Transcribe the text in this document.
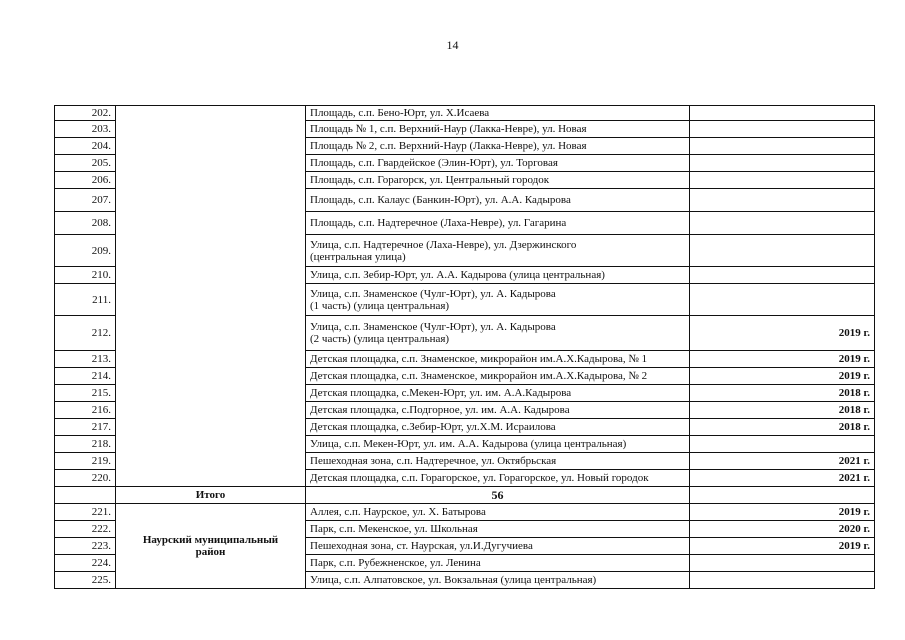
14
202.		Площадь, с.п. Бено-Юрт, ул. Х.Исаева	
203.		Площадь № 1, с.п. Верхний-Наур (Лакка-Невре), ул. Новая	
204.		Площадь № 2, с.п. Верхний-Наур (Лакка-Невре), ул. Новая	
205.		Площадь, с.п. Гвардейское (Элин-Юрт), ул. Торговая	
206.		Площадь, с.п. Горагорск, ул. Центральный городок	
207.		Площадь, с.п. Калаус (Банкин-Юрт), ул. А.А. Кадырова	
208.		Площадь, с.п. Надтеречное (Лаха-Невре), ул. Гагарина	
209.		Улица, с.п. Надтеречное (Лаха-Невре), ул. Дзержинского
(центральная улица)	
210.		Улица, с.п. Зебир-Юрт, ул. А.А. Кадырова (улица центральная)	
211.		Улица, с.п. Знаменское (Чулг-Юрт), ул. А. Кадырова
(1 часть) (улица центральная)	
212.		Улица, с.п. Знаменское (Чулг-Юрт), ул. А. Кадырова
(2 часть) (улица центральная)	2019 г.
213.		Детская площадка, с.п. Знаменское, микрорайон им.А.Х.Кадырова, № 1	2019 г.
214.		Детская площадка, с.п. Знаменское, микрорайон им.А.Х.Кадырова, № 2	2019 г.
215.		Детская площадка, с.Мекен-Юрт, ул. им. А.А.Кадырова	2018 г.
216.		Детская площадка, с.Подгорное, ул. им. А.А. Кадырова	2018 г.
217.		Детская площадка, с.Зебир-Юрт, ул.Х.М. Исраилова	2018 г.
218.		Улица, с.п. Мекен-Юрт, ул. им. А.А. Кадырова (улица центральная)	
219.		Пешеходная зона, с.п. Надтеречное, ул. Октябрьская	2021 г.
220.		Детская площадка, с.п. Горагорское, ул. Горагорское, ул. Новый городок	2021 г.
	Итого	56	
221.	Наурский муниципальный
район	Аллея, с.п. Наурское, ул. Х. Батырова	2019 г.
222.		Парк, с.п. Мекенское, ул. Школьная	2020 г.
223.		Пешеходная зона, ст. Наурская, ул.И.Дугучиева	2019 г.
224.		Парк, с.п. Рубежненское, ул. Ленина	
225.		Улица, с.п. Алпатовское, ул. Вокзальная (улица центральная)	
